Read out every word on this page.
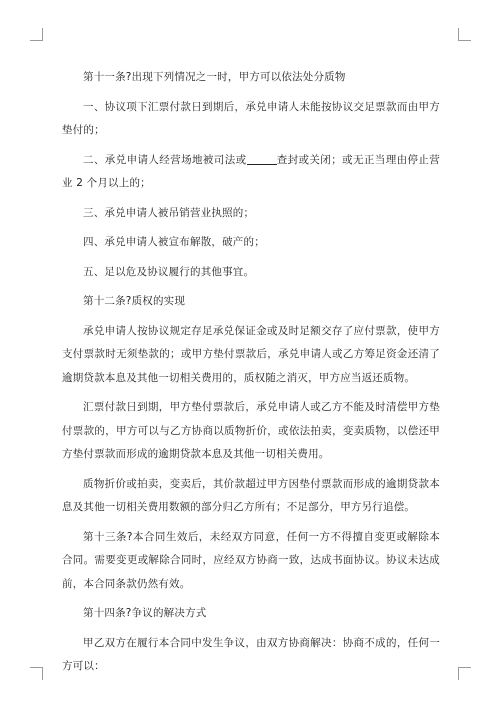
第十一条?出现下列情况之一时，甲方可以依法处分质物

一、协议项下汇票付款日到期后，承兑申请人未能按协议交足票款而由甲方垫付的；

二、承兑申请人经营场地被司法或	查封或关闭；或无正当理由停止营业 2 个月以上的；

三、承兑申请人被吊销营业执照的；

四、承兑申请人被宣布解散，破产的；

五、足以危及协议履行的其他事宜。

第十二条?质权的实现

承兑申请人按协议规定存足承兑保证金或及时足额交存了应付票款，使甲方支付票款时无须垫款的；或甲方垫付票款后，承兑申请人或乙方筹足资金还清了逾期贷款本息及其他一切相关费用的，质权随之消灭，甲方应当返还质物。

汇票付款日到期，甲方垫付票款后，承兑申请人或乙方不能及时清偿甲方垫付票款的，甲方可以与乙方协商以质物折价，或依法拍卖，变卖质物，以偿还甲方垫付票款而形成的逾期贷款本息及其他一切相关费用。

质物折价或拍卖，变卖后，其价款超过甲方因垫付票款而形成的逾期贷款本息及其他一切相关费用数额的部分归乙方所有；不足部分，甲方另行追偿。

第十三条?本合同生效后，未经双方同意，任何一方不得擅自变更或解除本合同。需要变更或解除合同时，应经双方协商一致，达成书面协议。协议未达成前，本合同条款仍然有效。

第十四条?争议的解决方式

甲乙双方在履行本合同中发生争议，由双方协商解决：协商不成的，任何一方可以：
